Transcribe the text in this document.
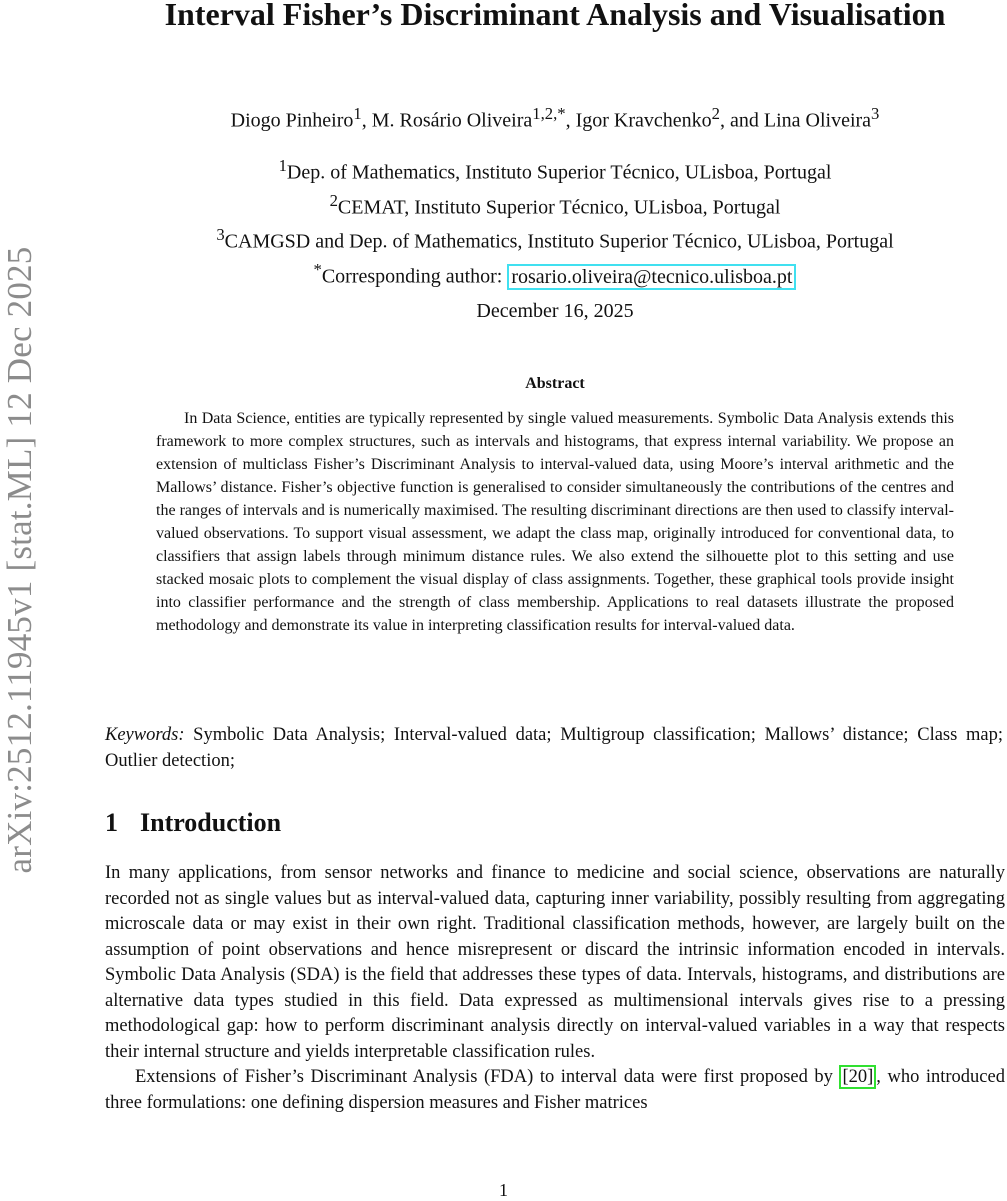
arXiv:2512.11945v1 [stat.ML] 12 Dec 2025
Interval Fisher’s Discriminant Analysis and Visualisation
Diogo Pinheiro$^1$, M. Rosário Oliveira$^{1,2,*}$, Igor Kravchenko$^2$, and Lina Oliveira$^3$
$^1$Dep. of Mathematics, Instituto Superior Técnico, ULisboa, Portugal
$^2$CEMAT, Instituto Superior Técnico, ULisboa, Portugal
$^3$CAMGSD and Dep. of Mathematics, Instituto Superior Técnico, ULisboa, Portugal
*Corresponding author: rosario.oliveira@tecnico.ulisboa.pt
December 16, 2025
Abstract

In Data Science, entities are typically represented by single valued measurements. Symbolic Data Analysis extends this framework to more complex structures, such as intervals and histograms, that express internal variability. We propose an extension of multiclass Fisher’s Discriminant Analysis to interval-valued data, using Moore’s interval arithmetic and the Mallows’ distance. Fisher’s objective function is generalised to consider simultaneously the contributions of the centres and the ranges of intervals and is numerically maximised. The resulting discriminant directions are then used to classify interval-valued observations. To support visual assessment, we adapt the class map, originally introduced for conventional data, to classifiers that assign labels through minimum distance rules. We also extend the silhouette plot to this setting and use stacked mosaic plots to complement the visual display of class assignments. Together, these graphical tools provide insight into classifier performance and the strength of class membership. Applications to real datasets illustrate the proposed methodology and demonstrate its value in interpreting classification results for interval-valued data.

Keywords: Symbolic Data Analysis; Interval-valued data; Multigroup classification; Mallows’ distance; Class map; Outlier detection;

1 Introduction

In many applications, from sensor networks and finance to medicine and social science, observations are naturally recorded not as single values but as interval-valued data, capturing inner variability, possibly resulting from aggregating microscale data or may exist in their own right. Traditional classification methods, however, are largely built on the assumption of point observations and hence misrepresent or discard the intrinsic information encoded in intervals. Symbolic Data Analysis (SDA) is the field that addresses these types of data. Intervals, histograms, and distributions are alternative data types studied in this field. Data expressed as multimensional intervals gives rise to a pressing methodological gap: how to perform discriminant analysis directly on interval-valued variables in a way that respects their internal structure and yields interpretable classification rules.

Extensions of Fisher’s Discriminant Analysis (FDA) to interval data were first proposed by [20] , who introduced three formulations: one defining dispersion measures and Fisher matrices

1
